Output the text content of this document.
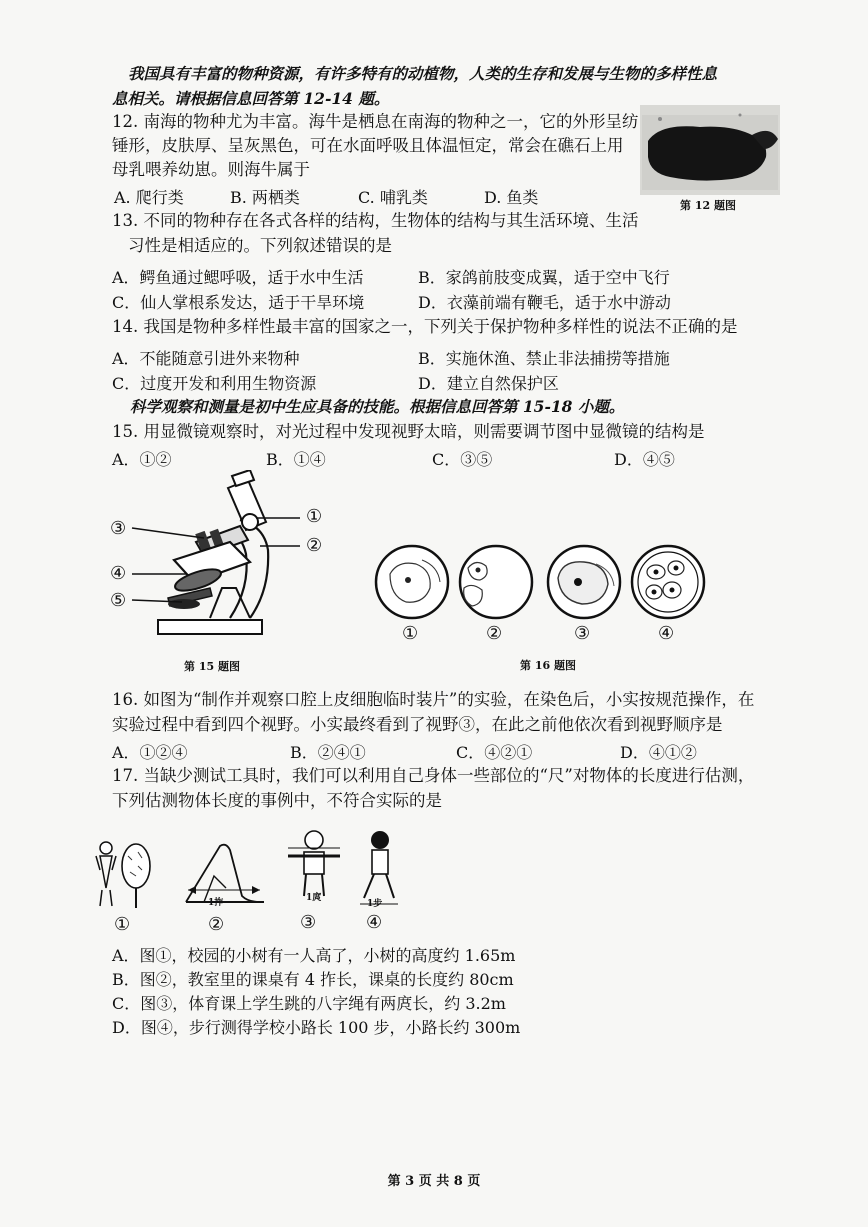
我国具有丰富的物种资源，有许多特有的动植物，人类的生存和发展与生物的多样性息
息相关。请根据信息回答第 12-14 题。
12. 南海的物种尤为丰富。海牛是栖息在南海的物种之一，它的外形呈纺
锤形，皮肤厚、呈灰黑色，可在水面呼吸且体温恒定，常会在礁石上用
母乳喂养幼崽。则海牛属于
A. 爬行类	B. 两栖类	C. 哺乳类	D. 鱼类	第 12 题图
13. 不同的物种存在各式各样的结构，生物体的结构与其生活环境、生活
习性是相适应的。下列叙述错误的是
A．鳄鱼通过鳃呼吸，适于水中生活	B．家鸽前肢变成翼，适于空中飞行
C．仙人掌根系发达，适于干旱环境	D．衣藻前端有鞭毛，适于水中游动
14. 我国是物种多样性最丰富的国家之一，下列关于保护物种多样性的说法不正确的是
A．不能随意引进外来物种	B．实施休渔、禁止非法捕捞等措施
C．过度开发和利用生物资源	D．建立自然保护区
科学观察和测量是初中生应具备的技能。根据信息回答第 15-18 小题。
15. 用显微镜观察时，对光过程中发现视野太暗，则需要调节图中显微镜的结构是
A．①②	B．①④	C．③⑤	D．④⑤
①
②
③
④
⑤
第 15 题图
①	②	③	④
第 16 题图
16. 如图为“制作并观察口腔上皮细胞临时装片”的实验，在染色后，小实按规范操作，在
实验过程中看到四个视野。小实最终看到了视野③，在此之前他依次看到视野顺序是
A．①②④	B．②④①	C．④②①	D．④①②
17. 当缺少测试工具时，我们可以利用自己身体一些部位的“尺”对物体的长度进行估测，
下列估测物体长度的事例中，不符合实际的是
1拃	1庹
1步
①	②	③	④
A．图①，校园的小树有一人高了，小树的高度约 1.65m
B．图②，教室里的课桌有 4 拃长，课桌的长度约 80cm
C．图③，体育课上学生跳的八字绳有两庹长，约 3.2m
D．图④，步行测得学校小路长 100 步，小路长约 300m
第 3 页 共 8 页
